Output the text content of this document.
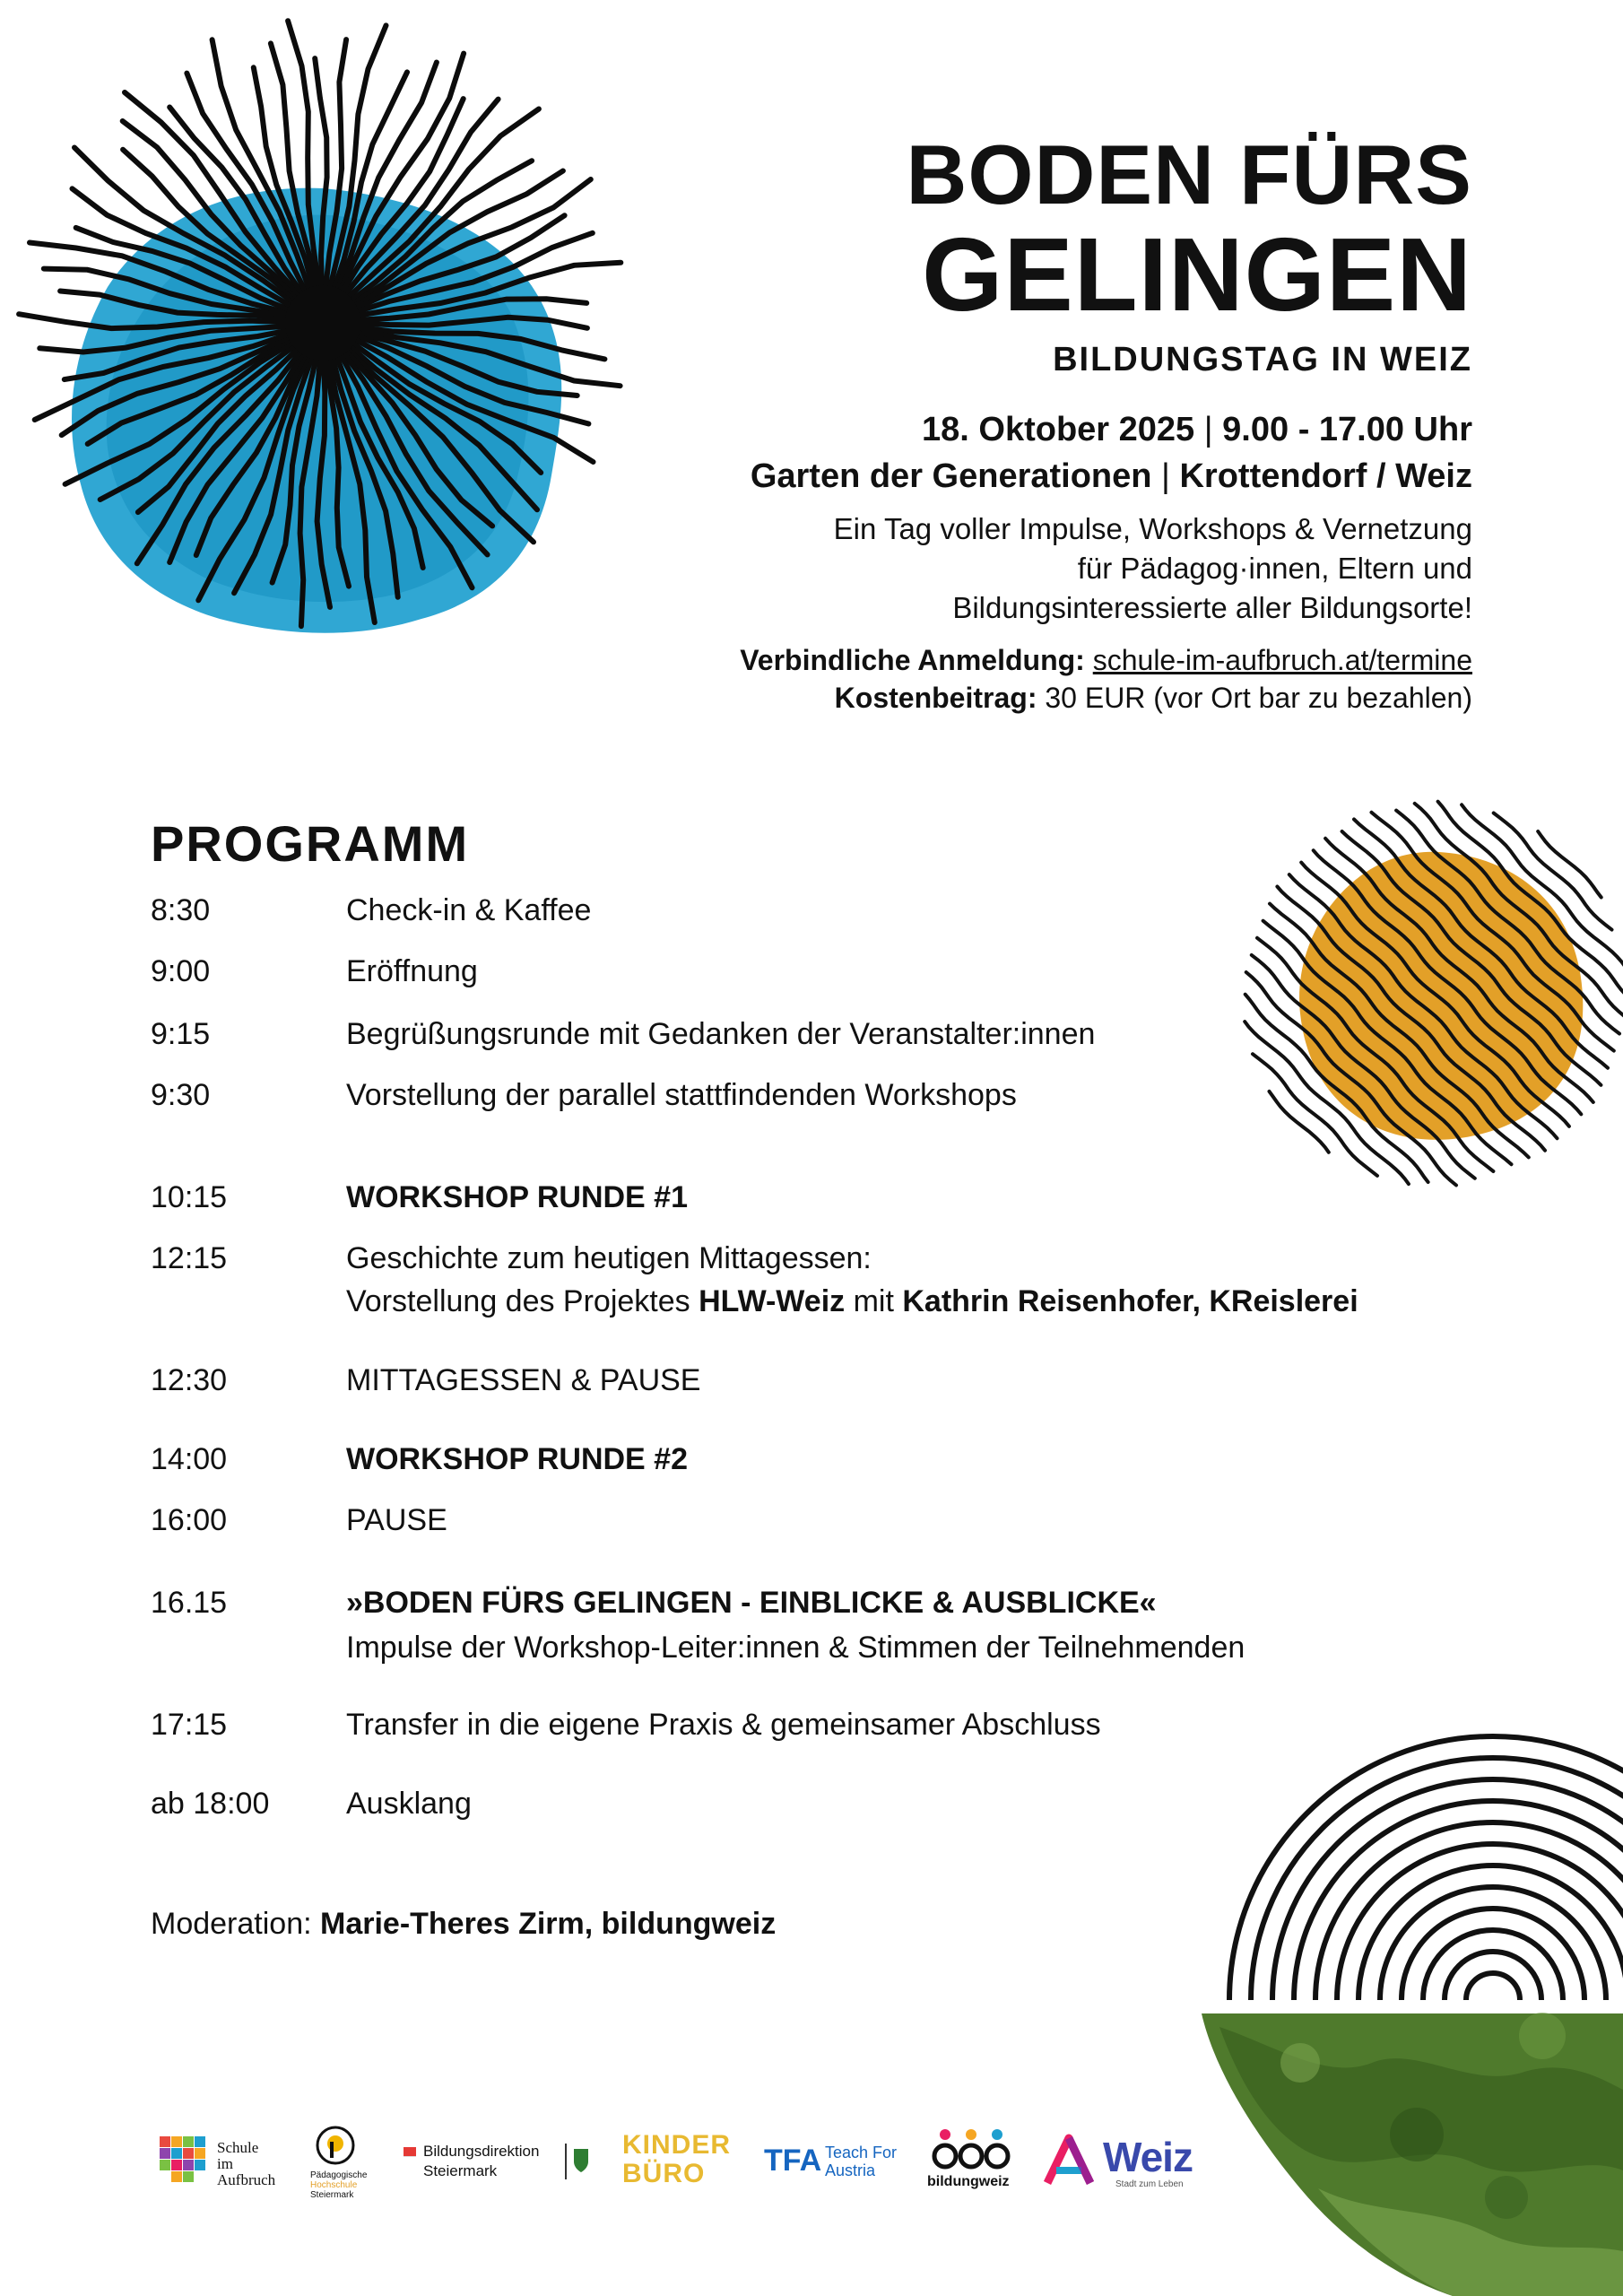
BODEN FÜRS
GELINGEN
BILDUNGSTAG IN WEIZ
18. Oktober 2025 | 9.00 - 17.00 Uhr
Garten der Generationen | Krottendorf / Weiz
Ein Tag voller Impulse, Workshops & Vernetzung
für Pädagog·innen, Eltern und
Bildungsinteressierte aller Bildungsorte!
Verbindliche Anmeldung: schule-im-aufbruch.at/termine
Kostenbeitrag: 30 EUR (vor Ort bar zu bezahlen)
PROGRAMM
8:30	Check-in & Kaffee
9:00	Eröffnung
9:15	Begrüßungsrunde mit Gedanken der Veranstalter:innen
9:30	Vorstellung der parallel stattfindenden Workshops
10:15	WORKSHOP RUNDE #1
12:15	Geschichte zum heutigen Mittagessen:
Vorstellung des Projektes HLW-Weiz mit Kathrin Reisenhofer, KReislerei
12:30	MITTAGESSEN & PAUSE
14:00	WORKSHOP RUNDE #2
16:00	PAUSE
16.15	»BODEN FÜRS GELINGEN - EINBLICKE & AUSBLICKE«
Impulse der Workshop-Leiter:innen & Stimmen der Teilnehmenden
17:15	Transfer in die eigene Praxis & gemeinsamer Abschluss
ab 18:00	Ausklang
Moderation: Marie-Theres Zirm, bildungweiz
Schule
im
Aufbruch	Pädagogische
Hochschule
Steiermark
Bildungsdirektion
Steiermark
KINDER
BÜRO	TFA Teach For
Austria
bildungweiz
Weiz
Stadt zum Leben
